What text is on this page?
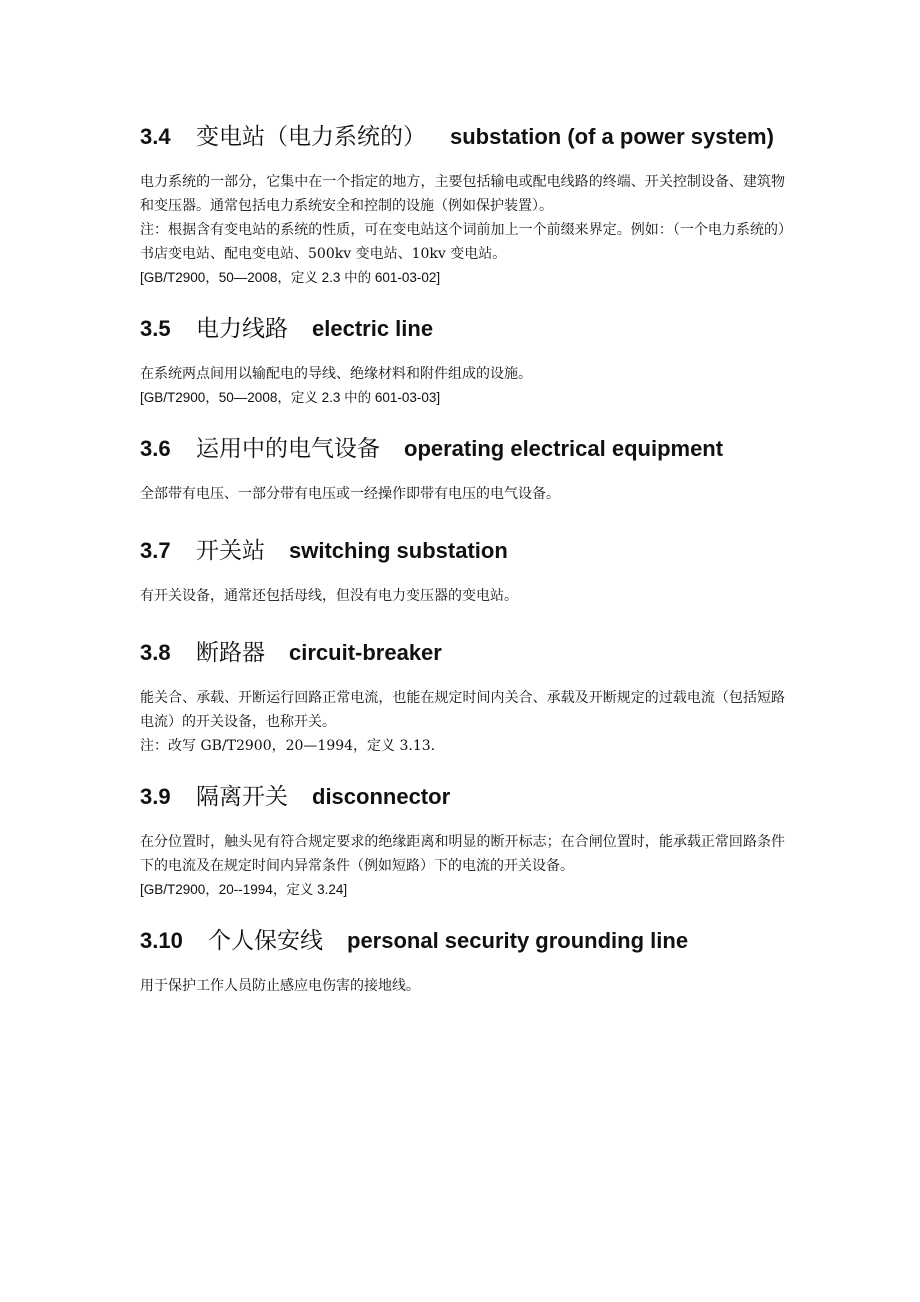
3.4	变电站（电力系统的） substation (of a power system)

电力系统的一部分，它集中在一个指定的地方，主要包括输电或配电线路的终端、开关控制设备、建筑物和变压器。通常包括电力系统安全和控制的设施（例如保护装置）。

注：根据含有变电站的系统的性质，可在变电站这个词前加上一个前缀来界定。例如：（一个电力系统的）书店变电站、配电变电站、500kv 变电站、10kv 变电站。

[GB/T2900，50—2008，定义 2.3 中的 601-03-02]

3.5	电力线路 electric line

在系统两点间用以输配电的导线、绝缘材料和附件组成的设施。

[GB/T2900，50—2008，定义 2.3 中的 601-03-03]

3.6	运用中的电气设备 operating electrical equipment

全部带有电压、一部分带有电压或一经操作即带有电压的电气设备。

3.7	开关站 switching substation

有开关设备，通常还包括母线，但没有电力变压器的变电站。

3.8	断路器 circuit-breaker

能关合、承载、开断运行回路正常电流，也能在规定时间内关合、承载及开断规定的过载电流（包括短路电流）的开关设备，也称开关。

注：改写 GB/T2900，20—1994，定义 3.13.

3.9	隔离开关 disconnector

在分位置时，触头见有符合规定要求的绝缘距离和明显的断开标志；在合闸位置时，能承载正常回路条件下的电流及在规定时间内异常条件（例如短路）下的电流的开关设备。

[GB/T2900，20--1994，定义 3.24]

3.10	个人保安线 personal security grounding line

用于保护工作人员防止感应电伤害的接地线。
